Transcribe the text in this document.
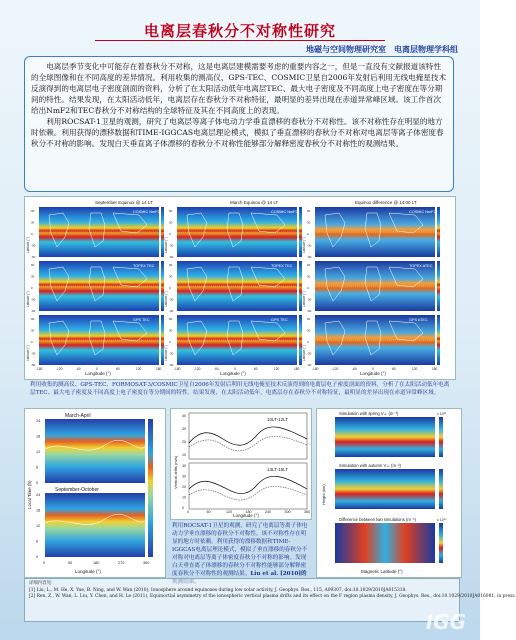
电离层春秋分不对称性研究
地磁与空间物理研究室　电离层物理学科组

电离层季节变化中可能存在着春秋分不对称，这是电离层建模需要考虑的重要内容之一，但是一直没有文献报道该特性的全球图像和在不同高度的差异情况。利用收集的测高仪、GPS-TEC、COSMIC卫星自2006年发射后利用无线电掩星技术反演得到的电离层电子密度剖面的资料，分析了在太阳活动低年电离层TEC、最大电子密度及不同高度上电子密度在等分期间的特性。结果发现，在太阳活动低年，电离层存在春秋分不对称特征，最明显的差异出现在赤道异常峰区域。该工作首次给出NmF2和TEC春秋分不对称结构的全球特征及其在不同高度上的表现。

利用ROCSAT-1卫星的观测，研究了电离层等离子体电动力学垂直漂移的春秋分不对称性。该不对称性存在明显的地方时依赖。利用获得的漂移数据和TIME-IGGCAS电离层理论模式，模拟了垂直漂移的春秋分不对称对电离层等离子体密度春秋分不对称的影响。发现白天垂直离子体漂移的春秋分不对称性能够部分解释密度春秋分不对称性的观测结果。

September Equinox @ 14 LT	March Equinox @ 14 LT	Equinox difference @ 14:00 LT
COSMIC NmF2
60
30
0
-30
-60
Latitude (°)
TOPEX TEC
60
30
0
-30
-60
Latitude (°)
GPS TEC
60
30
0
-30
-60
Latitude (°)
-180	-120	-60	0	60	120	180
COSMIC NmF2
60
30
0
-30
-60
Latitude (°)
TOPEX TEC
60
30
0
-30
-60
Latitude (°)
GPS TEC
60
30
0
-30
-60
Latitude (°)
-180	-120	-60	0	60	120	180
COSMIC NmF2
60
30
0
-30
-60
Latitude (°)
TOPEX ATEC
60
30
0
-30
-60
Latitude (°)
GPS ATEC
60
30
0
-30
-60
Latitude (°)
-180	-120	-60	0	60	120	180
Longitude (°)	Longitude (°)	Longitude (°)
利用收集的测高仪、GPS-TEC、FORMOSAT-3/COSMIC卫星自2006年发射后利用无线电掩星技术反演得到的电离层电子密度剖面的资料，分析了在太阳活动低年电离层TEC、最大电子密度及不同高度上电子密度在等分期间的特性。结果发现，在太阳活动低年，电离层存在春秋分不对称特征，最明显的差异出现在赤道异常峰区域。
March-April
September-October
Local Time (h)
Longitude (°)
24
18
12
6
0
24
18
12
6
0
0	90	180	270	360
10LT-12LT
13LT-15LT
Vertical drifts (m/s)
Longitude (°)
40
30
20
10
40
30
20
10
0
0	60	120	180	240	300	360
利用ROCSAT-1卫星的观测，研究了电离层等离子体电动力学垂直漂移的春秋分不对称性。该不对称性存在明显的地方时依赖。利用获得的漂移数据和TIME-IGGCAS电离层理论模式，模拟了垂直漂移的春秋分不对称对电离层等离子体密度春秋分不对称的影响。发现白天垂直离子体漂移的春秋分不对称性能够部分解释密度春秋分不对称性的观测结果。Liu et al. [2010]的
Simulation with spring V⊥ (m⁻³)
Simulation with autumn V⊥ (m⁻³)
Difference between two simulations (m⁻³)
x 10¹¹
x 10¹⁰
Height (km)
Magnetic Latitude (°)
详细内容见：
[1] Liu, L., M. He, X. Yue, B. Ning, and W. Wan (2010), Ionosphere around equinoxes during low solar activity, J. Geophys. Res., 115, A09307, doi:10.1029/2010JA015318.
[2] Ren, Z., W. Wan, L. Liu, Y. Chen, and H. Le (2011), Equinoctial asymmetry of the ionospheric vertical plasma drifts and its effect on the F region plasma density, J. Geophys. Res., doi:10.1029/2010JA016081, in press.
IGG
